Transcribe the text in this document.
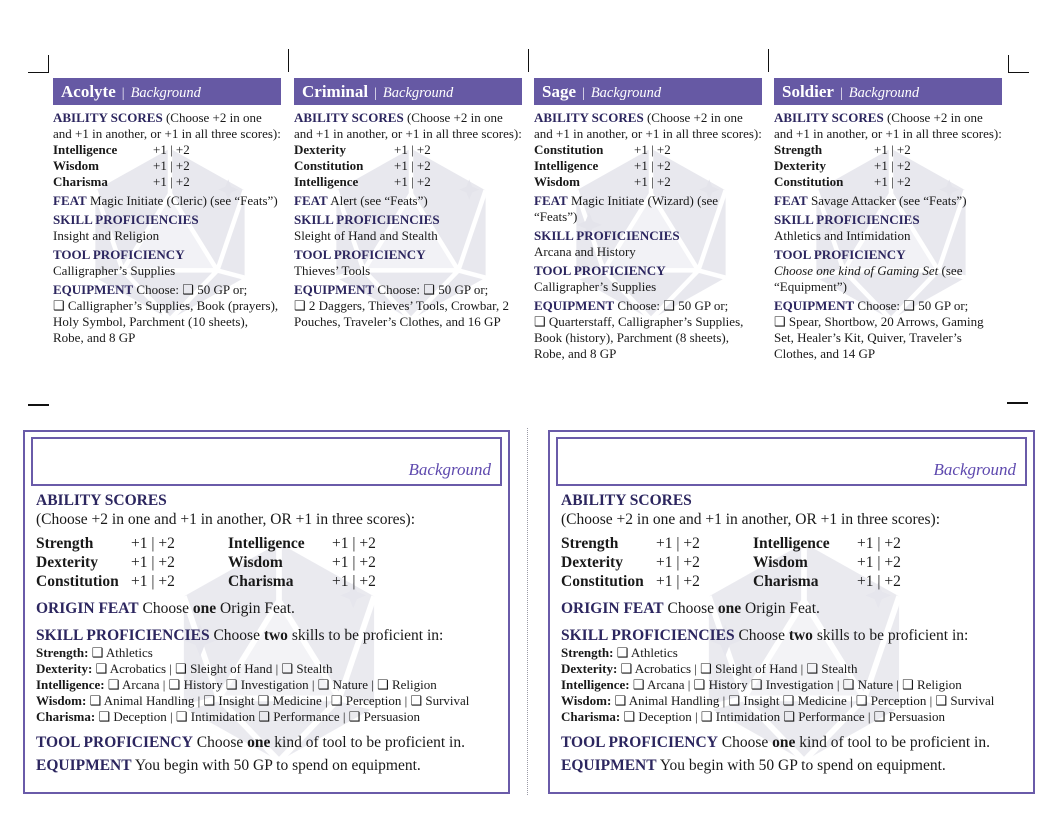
Acolyte | Background

ABILITY SCORES (Choose +2 in one and +1 in another, or +1 in all three scores):

Intelligence	+1 | +2
Wisdom	+1 | +2
Charisma	+1 | +2

FEAT Magic Initiate (Cleric) (see “Feats”)

SKILL PROFICIENCIES

Insight and Religion

TOOL PROFICIENCY

Calligrapher’s Supplies

EQUIPMENT Choose: ❑ 50 GP or;
❑ Calligrapher’s Supplies, Book (prayers), Holy Symbol, Parchment (10 sheets), Robe, and 8 GP

Criminal | Background

ABILITY SCORES (Choose +2 in one and +1 in another, or +1 in all three scores):

Dexterity	+1 | +2
Constitution	+1 | +2
Intelligence	+1 | +2

FEAT Alert (see “Feats”)

SKILL PROFICIENCIES

Sleight of Hand and Stealth

TOOL PROFICIENCY

Thieves’ Tools

EQUIPMENT Choose: ❑ 50 GP or;
❑ 2 Daggers, Thieves’ Tools, Crowbar, 2 Pouches, Traveler’s Clothes, and 16 GP

Sage | Background

ABILITY SCORES (Choose +2 in one and +1 in another, or +1 in all three scores):

Constitution	+1 | +2
Intelligence	+1 | +2
Wisdom	+1 | +2

FEAT Magic Initiate (Wizard) (see “Feats”)

SKILL PROFICIENCIES

Arcana and History

TOOL PROFICIENCY

Calligrapher’s Supplies

EQUIPMENT Choose: ❑ 50 GP or;
❑ Quarterstaff, Calligrapher’s Supplies, Book (history), Parchment (8 sheets), Robe, and 8 GP

Soldier | Background

ABILITY SCORES (Choose +2 in one and +1 in another, or +1 in all three scores):

Strength	+1 | +2
Dexterity	+1 | +2
Constitution	+1 | +2

FEAT Savage Attacker (see “Feats”)

SKILL PROFICIENCIES

Athletics and Intimidation

TOOL PROFICIENCY

Choose one kind of Gaming Set (see “Equipment”)

EQUIPMENT Choose: ❑ 50 GP or;
❑ Spear, Shortbow, 20 Arrows, Gaming Set, Healer’s Kit, Quiver, Traveler’s Clothes, and 14 GP

Background

ABILITY SCORES

(Choose +2 in one and +1 in another, OR +1 in three scores):

Strength	+1 | +2	Intelligence	+1 | +2
Dexterity	+1 | +2	Wisdom	+1 | +2
Constitution +1 | +2	Charisma	+1 | +2

ORIGIN FEAT Choose one Origin Feat.

SKILL PROFICIENCIES Choose two skills to be proficient in:

Strength: ❑ Athletics

Dexterity: ❑ Acrobatics | ❑ Sleight of Hand | ❑ Stealth

Intelligence: ❑ Arcana | ❑ History ❑ Investigation | ❑ Nature | ❑ Religion

Wisdom: ❑ Animal Handling | ❑ Insight ❑ Medicine | ❑ Perception | ❑ Survival

Charisma: ❑ Deception | ❑ Intimidation ❑ Performance | ❑ Persuasion

TOOL PROFICIENCY Choose one kind of tool to be proficient in.

EQUIPMENT You begin with 50 GP to spend on equipment.

Background

ABILITY SCORES

(Choose +2 in one and +1 in another, OR +1 in three scores):

Strength	+1 | +2	Intelligence	+1 | +2
Dexterity	+1 | +2	Wisdom	+1 | +2
Constitution +1 | +2	Charisma	+1 | +2

ORIGIN FEAT Choose one Origin Feat.

SKILL PROFICIENCIES Choose two skills to be proficient in:

Strength: ❑ Athletics

Dexterity: ❑ Acrobatics | ❑ Sleight of Hand | ❑ Stealth

Intelligence: ❑ Arcana | ❑ History ❑ Investigation | ❑ Nature | ❑ Religion

Wisdom: ❑ Animal Handling | ❑ Insight ❑ Medicine | ❑ Perception | ❑ Survival

Charisma: ❑ Deception | ❑ Intimidation ❑ Performance | ❑ Persuasion

TOOL PROFICIENCY Choose one kind of tool to be proficient in.

EQUIPMENT You begin with 50 GP to spend on equipment.
